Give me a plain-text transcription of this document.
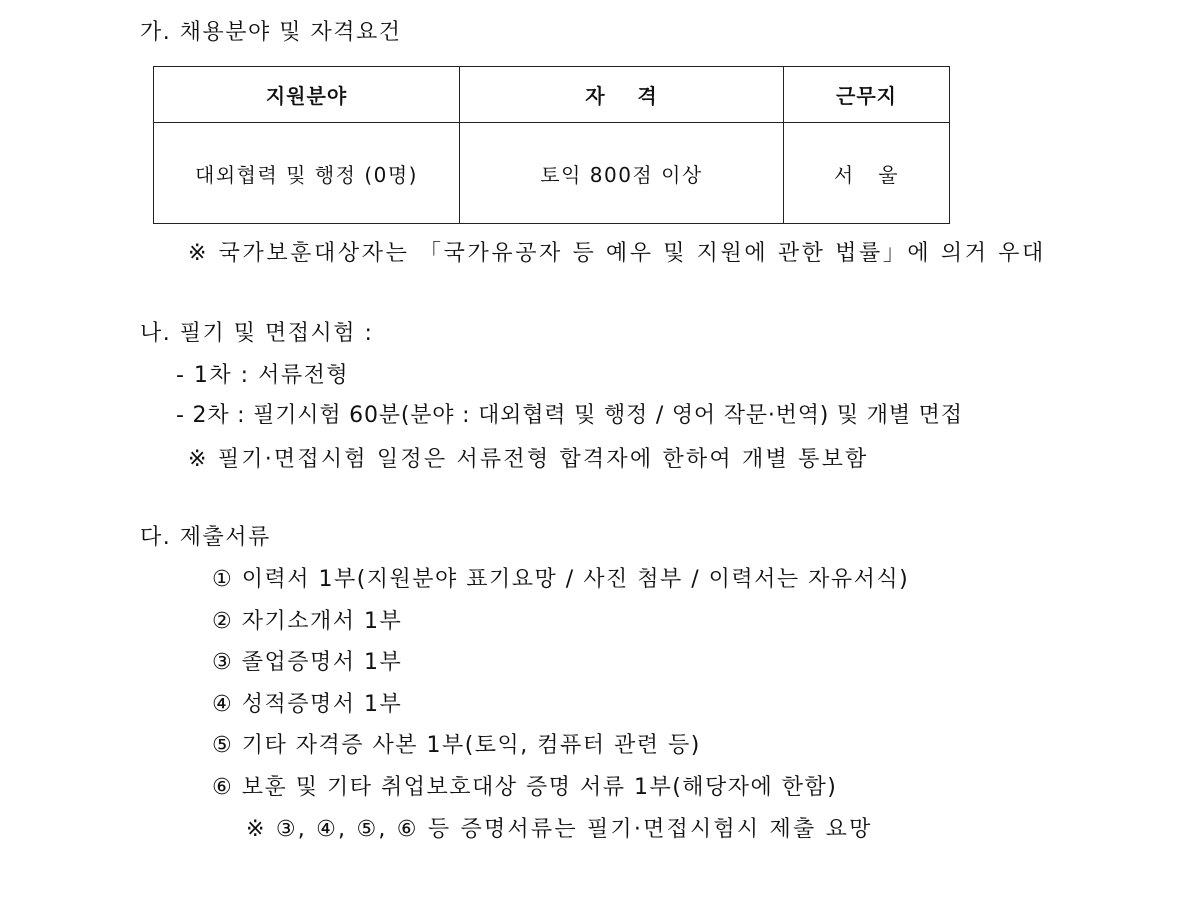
가. 채용분야 및 자격요건
지원분야	자    격	근무지
대외협력 및 행정 (0명)	토익 800점 이상	서   울
※ 국가보훈대상자는 「국가유공자 등 예우 및 지원에 관한 법률」에 의거 우대
나. 필기 및 면접시험 :
- 1차 : 서류전형
- 2차 : 필기시험 60분(분야 : 대외협력 및 행정 / 영어 작문·번역) 및 개별 면접
※ 필기·면접시험 일정은 서류전형 합격자에 한하여 개별 통보함
다. 제출서류
① 이력서 1부(지원분야 표기요망 / 사진 첨부 / 이력서는 자유서식)
② 자기소개서 1부
③ 졸업증명서 1부
④ 성적증명서 1부
⑤ 기타 자격증 사본 1부(토익, 컴퓨터 관련 등)
⑥ 보훈 및 기타 취업보호대상 증명 서류 1부(해당자에 한함)
※ ③, ④, ⑤, ⑥ 등 증명서류는 필기·면접시험시 제출 요망
